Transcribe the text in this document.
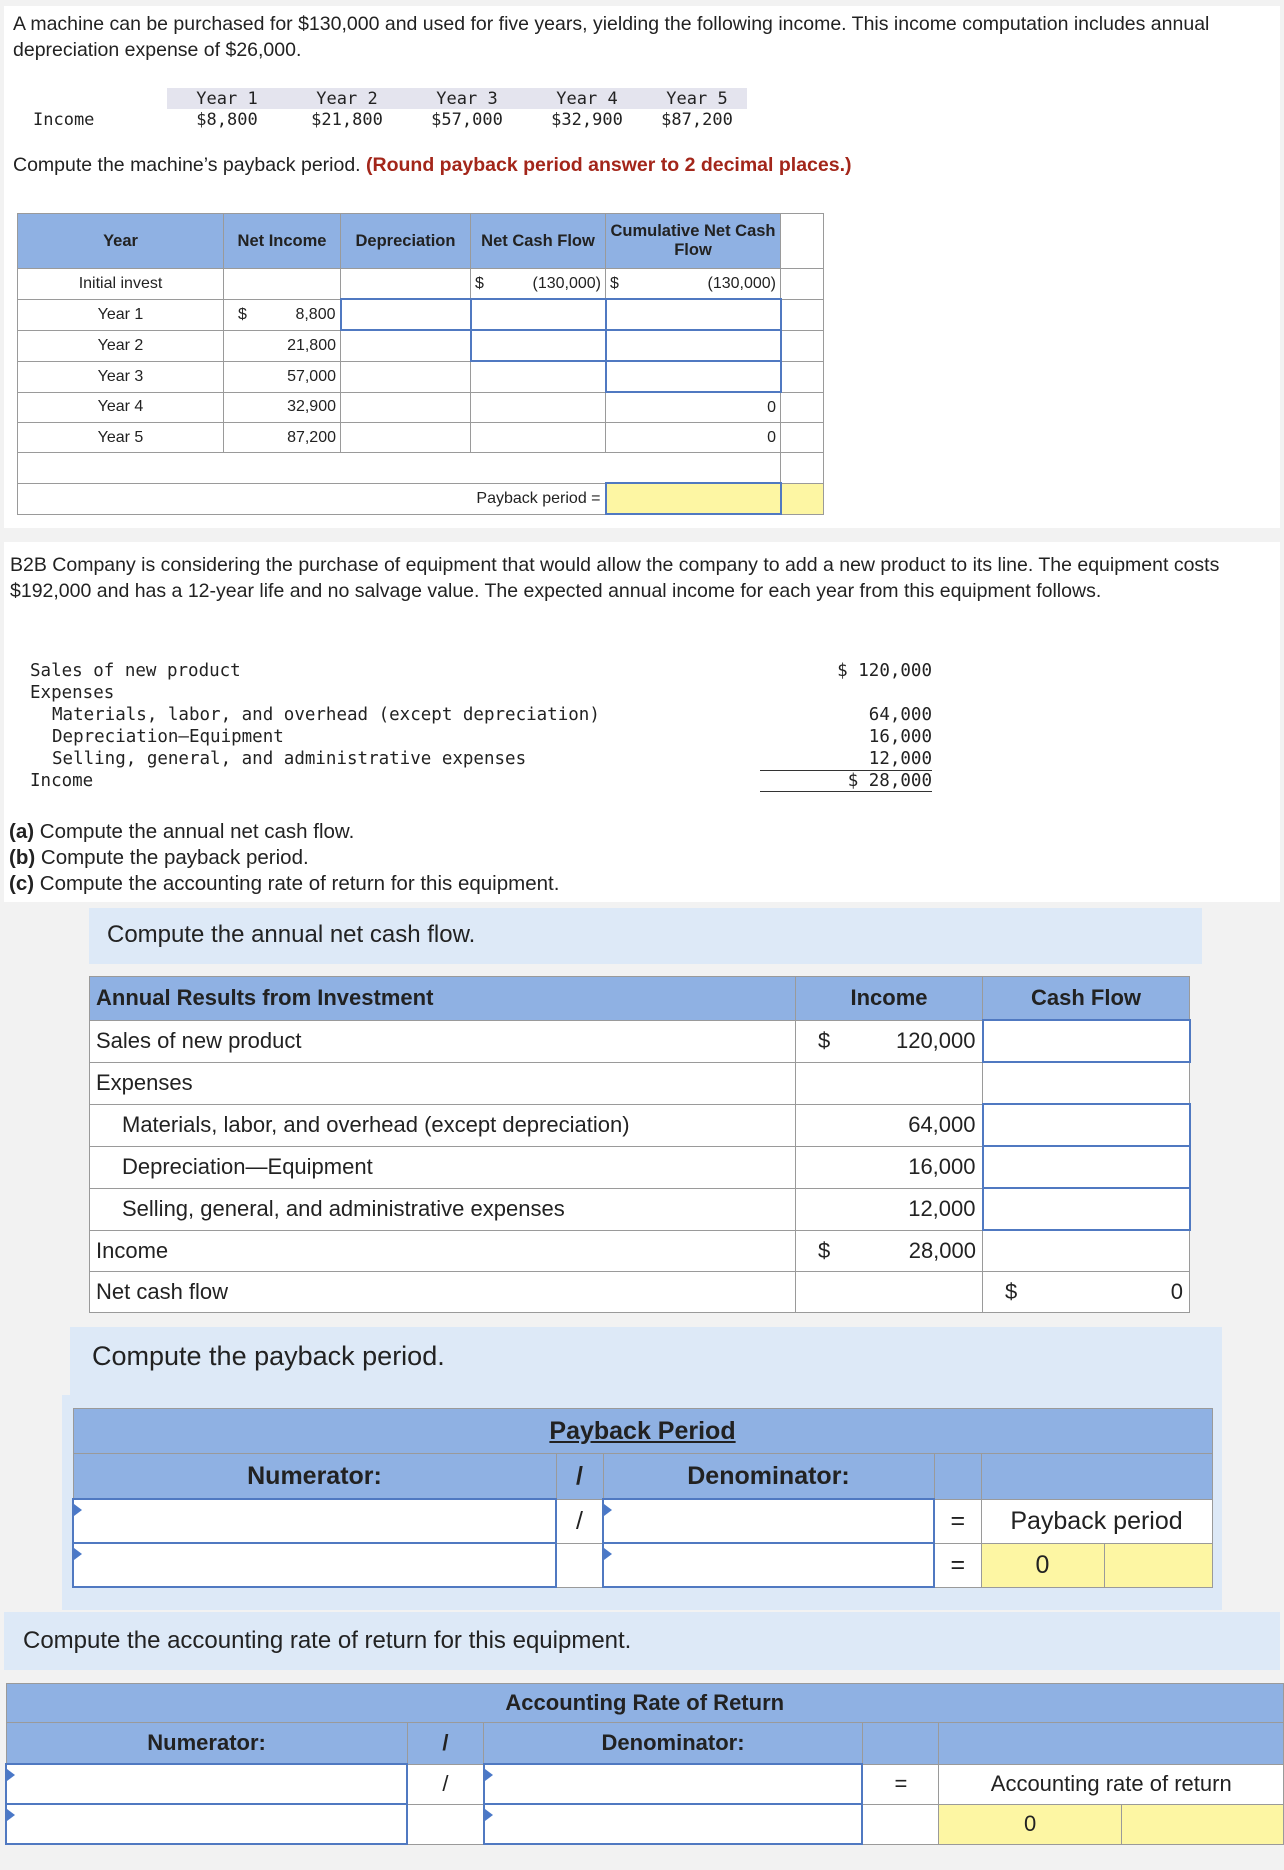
A machine can be purchased for $130,000 and used for five years, yielding the following income. This income computation includes annual depreciation expense of $26,000.
	Year 1	Year 2	Year 3	Year 4	Year 5
Income	$8,800	$21,800	$57,000	$32,900	$87,200
Compute the machine’s payback period. (Round payback period answer to 2 decimal places.)
Year	Net Income	Depreciation	Net Cash Flow	Cumulative Net Cash Flow	
Initial invest			$ (130,000)	$ (130,000)	

Year 1	$ 8,800				

Year 2	21,800				
Year 3	57,000				
Year 4	32,900			0	
Year 5	87,200			0	

Payback period =					
B2B Company is considering the purchase of equipment that would allow the company to add a new product to its line. The equipment costs $192,000 and has a 12-year life and no salvage value. The expected annual income for each year from this equipment follows.
Sales of new product	$ 120,000
Expenses
Materials, labor, and overhead (except depreciation)	64,000
Depreciation—Equipment	16,000
Selling, general, and administrative expenses	12,000
Income	$ 28,000
(a) Compute the annual net cash flow.
(b) Compute the payback period.
(c) Compute the accounting rate of return for this equipment.
Compute the annual net cash flow.
Annual Results from Investment	Income	Cash Flow
Sales of new product	$ 120,000	

Expenses		
Materials, labor, and overhead (except depreciation)	64,000	
Depreciation—Equipment	16,000	
Selling, general, and administrative expenses	12,000	
Income	$ 28,000	

Net cash flow		$ 0
Compute the payback period.
Payback Period					
Numerator:	/	Denominator:			

	/		=	Payback period	

	=	0	
Compute the accounting rate of return for this equipment.
Accounting Rate of Return					
Numerator:	/	Denominator:			

	/		=	Accounting rate of return	

		0	
